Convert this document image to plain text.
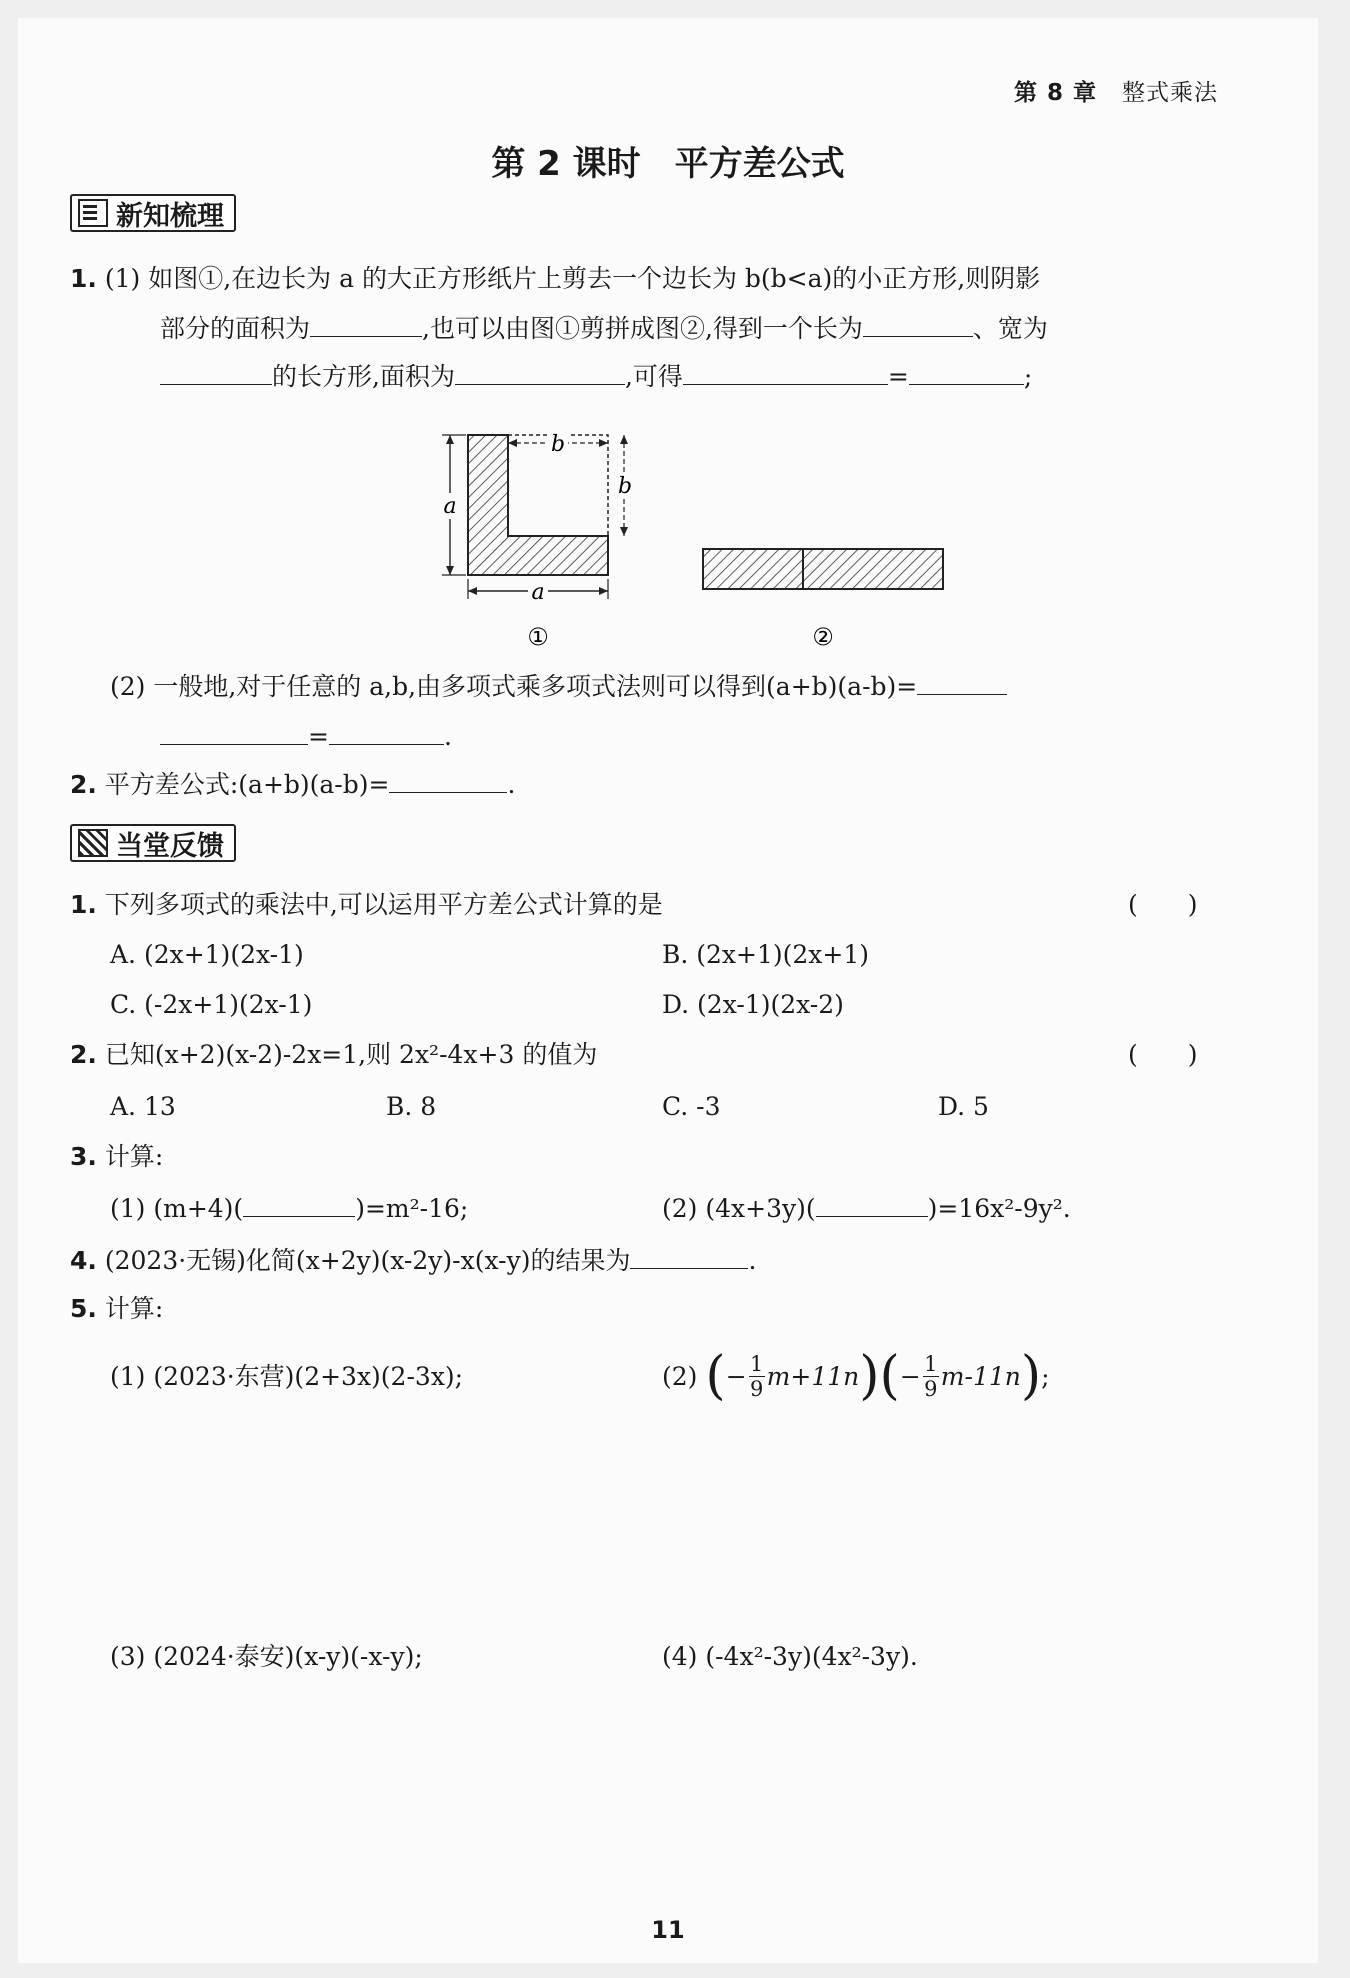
第 8 章 整式乘法
第 2 课时 平方差公式
新知梳理
1. (1) 如图①,在边长为 a 的大正方形纸片上剪去一个边长为 b(b<a)的小正方形,则阴影
部分的面积为	,也可以由图①剪拼成图②,得到一个长为	、宽为
的长方形,面积为	,可得	=	;
a
a
b
b
①	②
(2) 一般地,对于任意的 a,b,由多项式乘多项式法则可以得到(a+b)(a-b)=
=	.
2. 平方差公式:(a+b)(a-b)=	.
当堂反馈
1. 下列多项式的乘法中,可以运用平方差公式计算的是	(　　)
A. (2x+1)(2x-1)	B. (2x+1)(2x+1)
C. (-2x+1)(2x-1)	D. (2x-1)(2x-2)
2. 已知(x+2)(x-2)-2x=1,则 2x²-4x+3 的值为	(　　)
A. 13	B. 8	C. -3	D. 5
3. 计算:
(1) (m+4)(	)=m²-16;	(2) (4x+3y)(	)=16x²-9y².
4. (2023·无锡)化简(x+2y)(x-2y)-x(x-y)的结果为	.
5. 计算:
(1) (2023·东营)(2+3x)(2-3x);	(2) ( − 1
9 m+11n ) ( − 1
9 m-11n ) ;
(3) (2024·泰安)(x-y)(-x-y);	(4) (-4x²-3y)(4x²-3y).
11
